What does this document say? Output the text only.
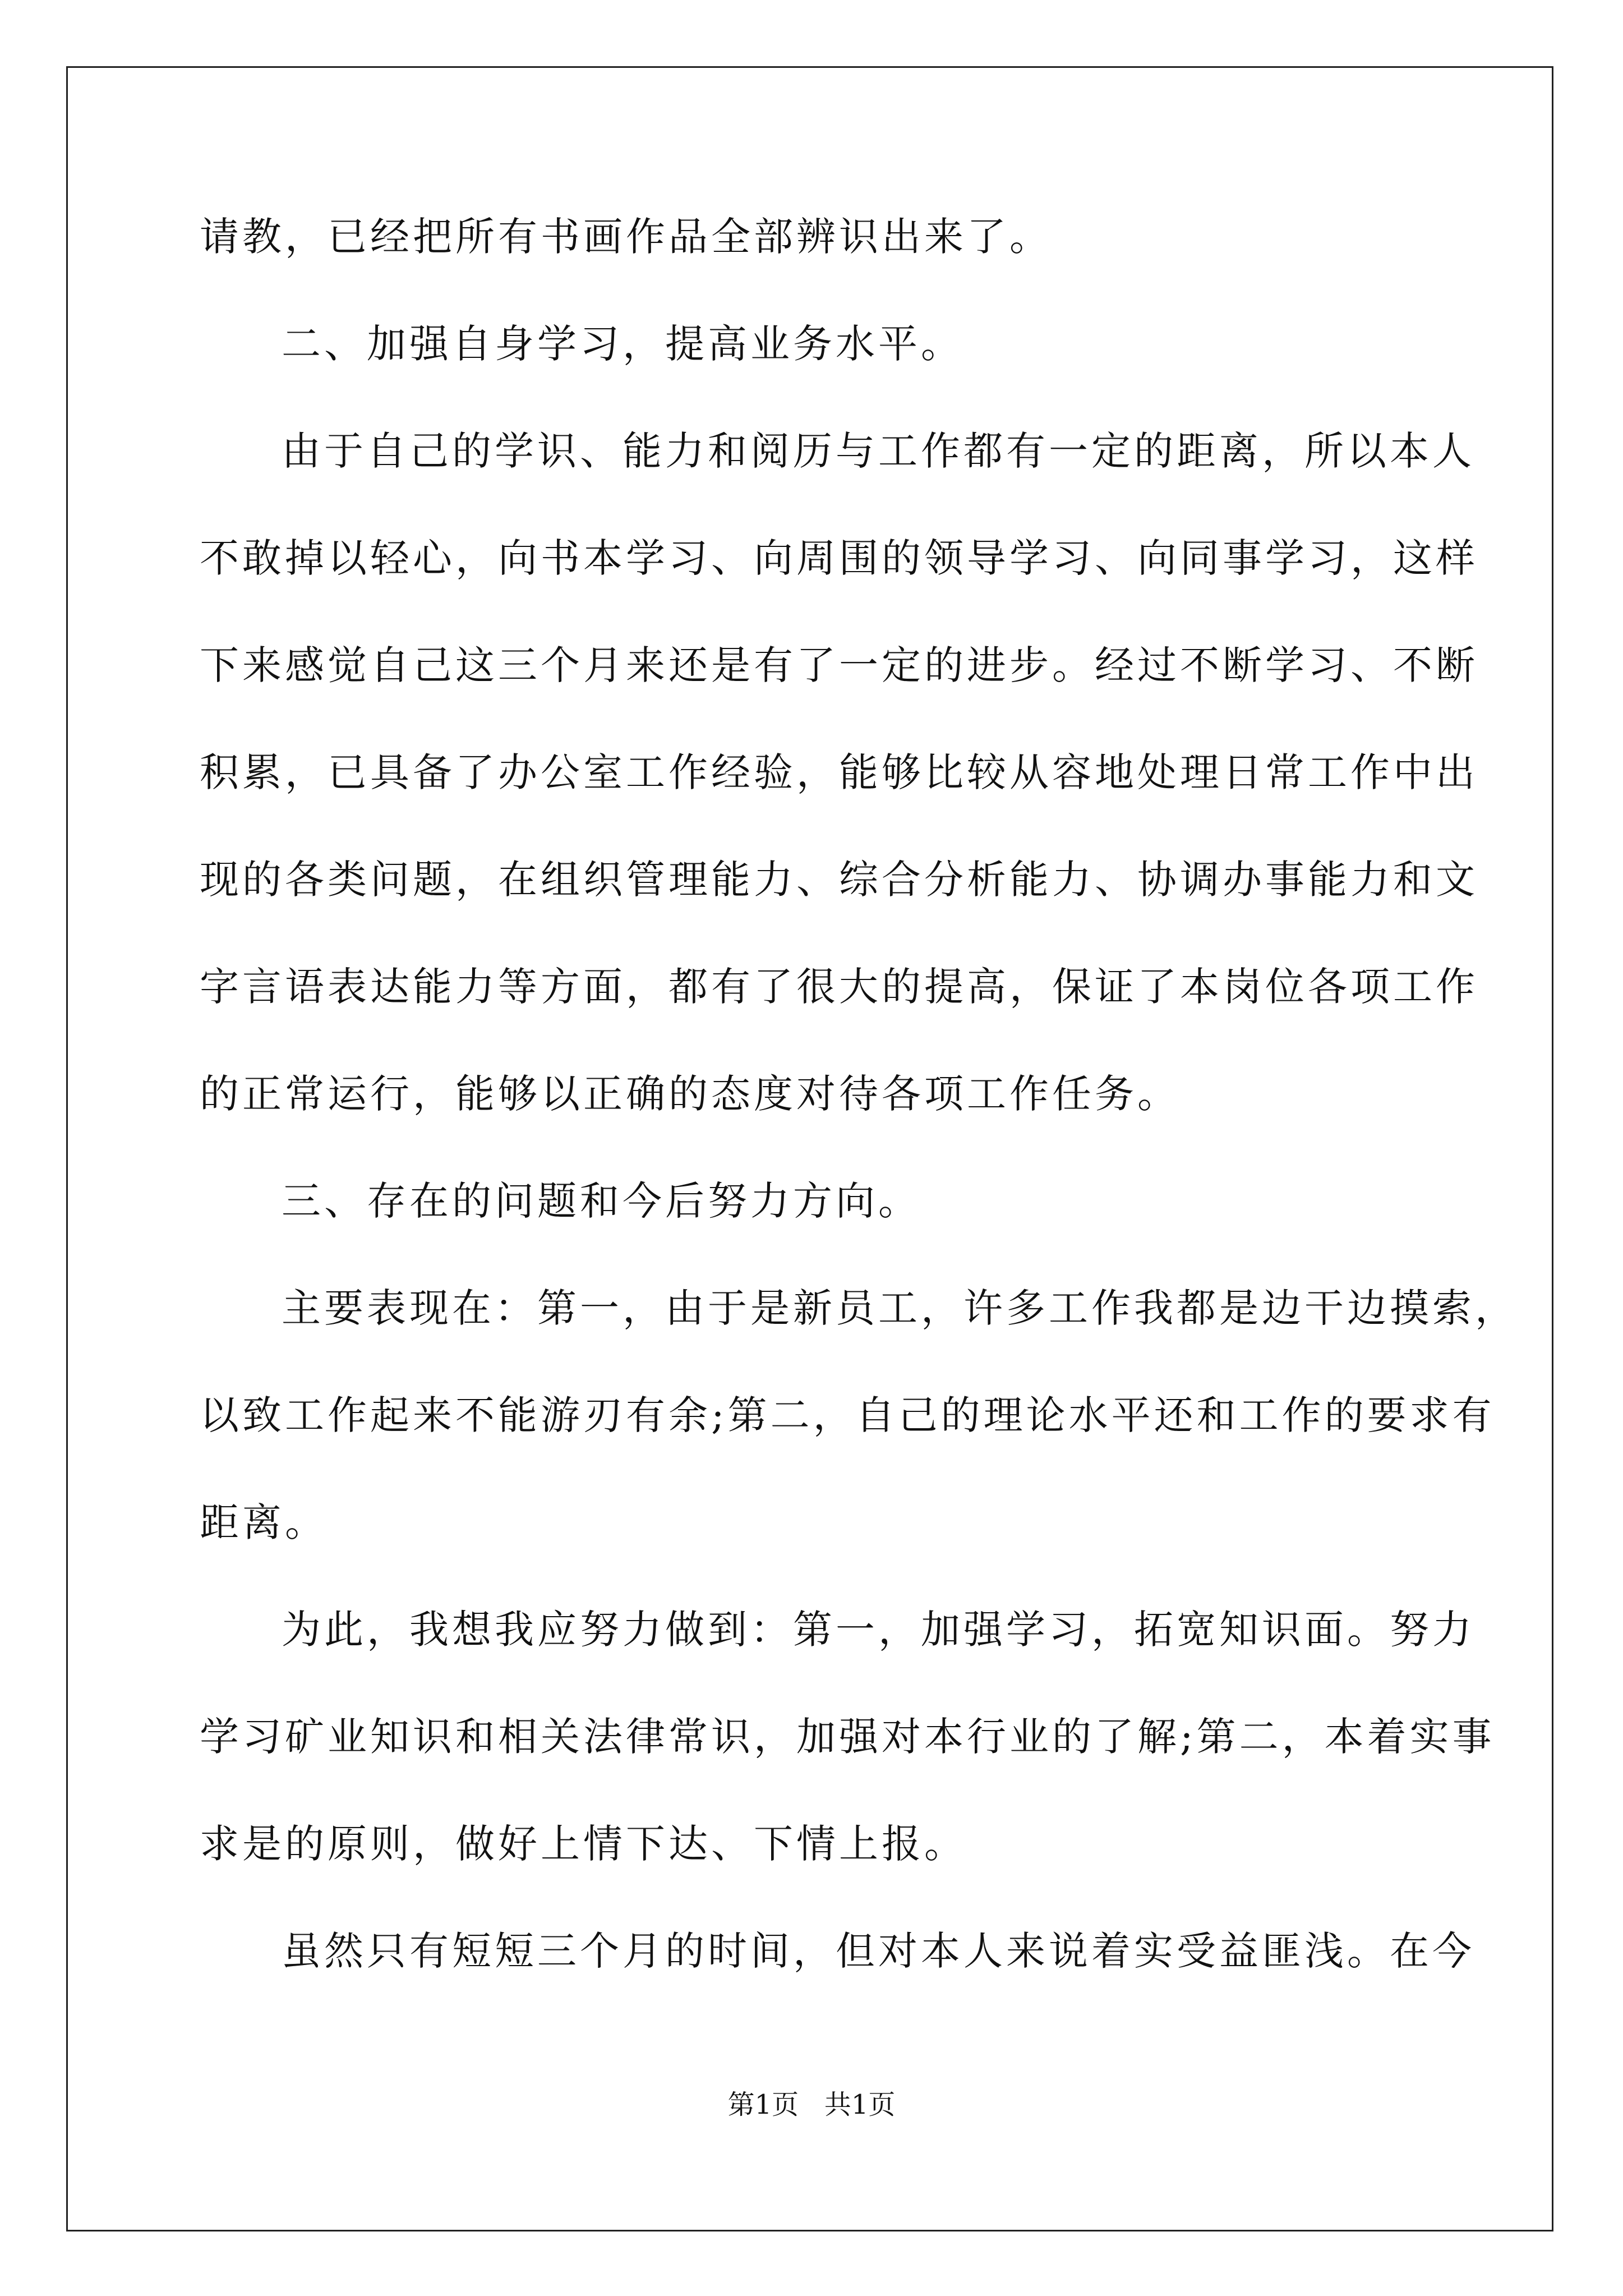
请教，已经把所有书画作品全部辨识出来了。
二、加强自身学习，提高业务水平。
由于自己的学识、能力和阅历与工作都有一定的距离，所以本人
不敢掉以轻心，向书本学习、向周围的领导学习、向同事学习，这样
下来感觉自己这三个月来还是有了一定的进步。经过不断学习、不断
积累，已具备了办公室工作经验，能够比较从容地处理日常工作中出
现的各类问题，在组织管理能力、综合分析能力、协调办事能力和文
字言语表达能力等方面，都有了很大的提高，保证了本岗位各项工作
的正常运行，能够以正确的态度对待各项工作任务。
三、存在的问题和今后努力方向。
主要表现在：第一，由于是新员工，许多工作我都是边干边摸索，
以致工作起来不能游刃有余;第二，自己的理论水平还和工作的要求有
距离。
为此，我想我应努力做到：第一，加强学习，拓宽知识面。努力
学习矿业知识和相关法律常识，加强对本行业的了解;第二，本着实事
求是的原则，做好上情下达、下情上报。
虽然只有短短三个月的时间，但对本人来说着实受益匪浅。在今
第1页   共1页
